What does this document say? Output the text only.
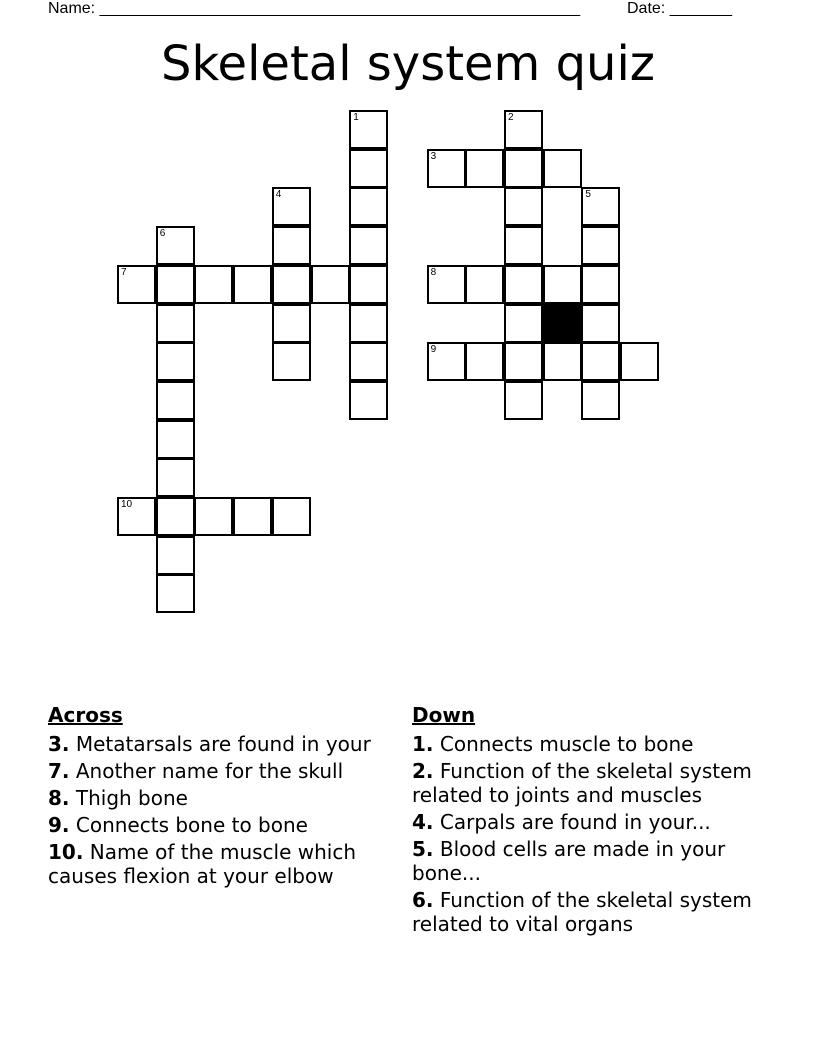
Name: ______________________________________________________	Date: _______
Skeletal system quiz
1	2
3
4	5
6
7	8
9
10
Across
3. Metatarsals are found in your
7. Another name for the skull
8. Thigh bone
9. Connects bone to bone
10. Name of the muscle which causes flexion at your elbow
Down
1. Connects muscle to bone
2. Function of the skeletal system related to joints and muscles
4. Carpals are found in your...
5. Blood cells are made in your bone...
6. Function of the skeletal system related to vital organs
